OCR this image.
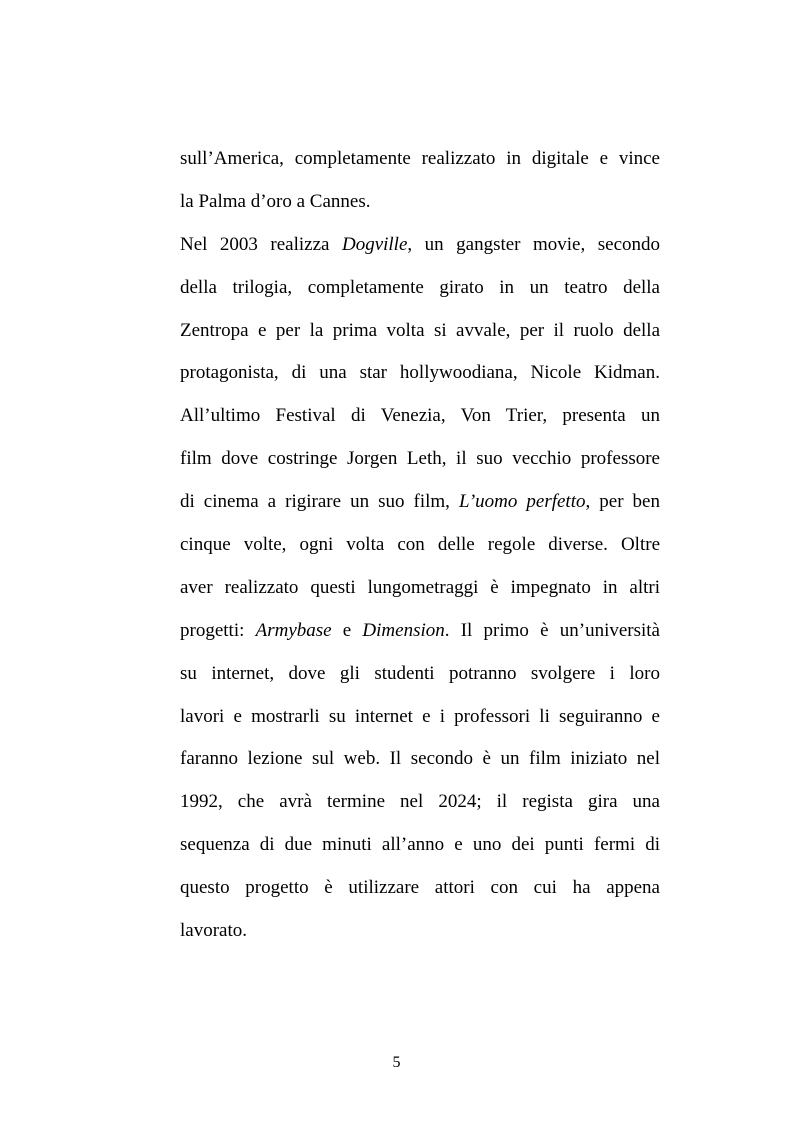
sull’America, completamente realizzato in digitale e vince
la Palma d’oro a Cannes.
Nel 2003 realizza Dogville, un gangster movie, secondo
della trilogia, completamente girato in un teatro della
Zentropa e per la prima volta si avvale, per il ruolo della
protagonista, di una star hollywoodiana, Nicole Kidman.
All’ultimo Festival di Venezia, Von Trier, presenta un
film dove costringe Jorgen Leth, il suo vecchio professore
di cinema a rigirare un suo film, L’uomo perfetto, per ben
cinque volte, ogni volta con delle regole diverse. Oltre
aver realizzato questi lungometraggi è impegnato in altri
progetti: Armybase e Dimension. Il primo è un’università
su internet, dove gli studenti potranno svolgere i loro
lavori e mostrarli su internet e i professori li seguiranno e
faranno lezione sul web. Il secondo è un film iniziato nel
1992, che avrà termine nel 2024; il regista gira una
sequenza di due minuti all’anno e uno dei punti fermi di
questo progetto è utilizzare attori con cui ha appena
lavorato.
5
